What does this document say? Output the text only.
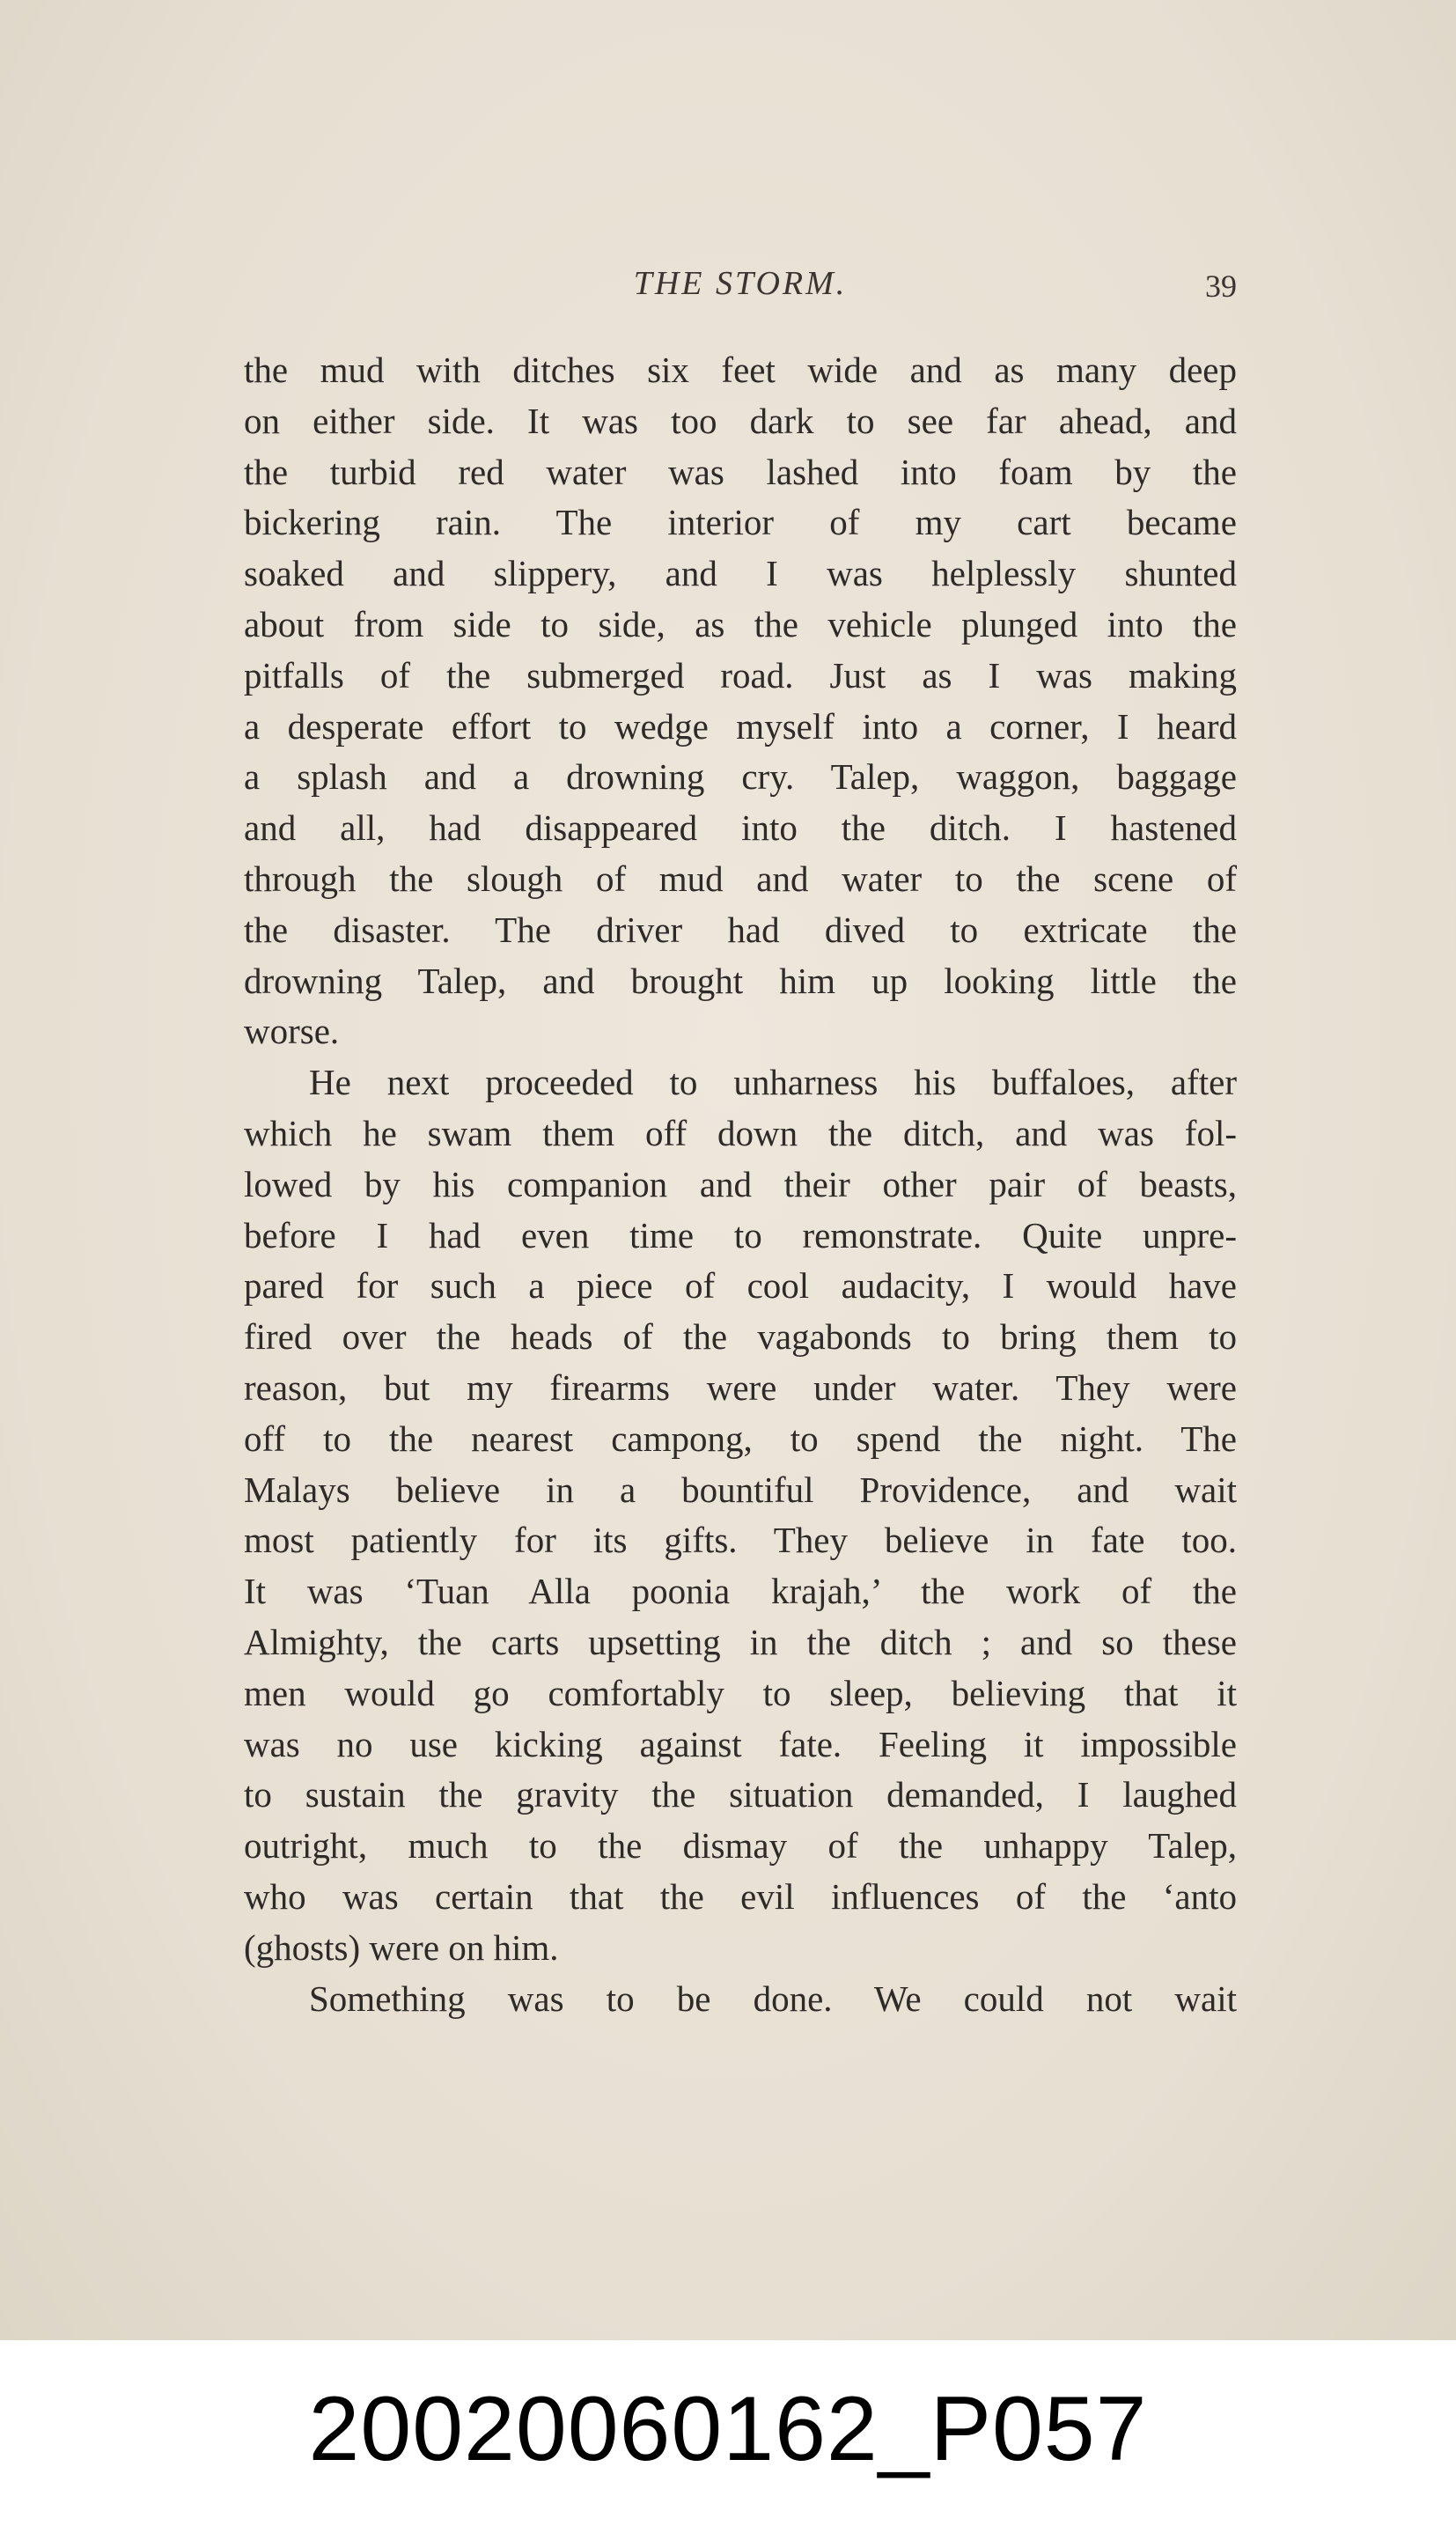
THE STORM.	39
the mud with ditches six feet wide and as many deep
on either side. It was too dark to see far ahead, and
the turbid red water was lashed into foam by the
bickering rain. The interior of my cart became
soaked and slippery, and I was helplessly shunted
about from side to side, as the vehicle plunged into the
pitfalls of the submerged road. Just as I was making
a desperate effort to wedge myself into a corner, I heard
a splash and a drowning cry. Talep, waggon, baggage
and all, had disappeared into the ditch. I hastened
through the slough of mud and water to the scene of
the disaster. The driver had dived to extricate the
drowning Talep, and brought him up looking little the
worse.
He next proceeded to unharness his buffaloes, after
which he swam them off down the ditch, and was fol-
lowed by his companion and their other pair of beasts,
before I had even time to remonstrate. Quite unpre-
pared for such a piece of cool audacity, I would have
fired over the heads of the vagabonds to bring them to
reason, but my firearms were under water. They were
off to the nearest campong, to spend the night. The
Malays believe in a bountiful Providence, and wait
most patiently for its gifts. They believe in fate too.
It was ‘Tuan Alla poonia krajah,’ the work of the
Almighty, the carts upsetting in the ditch ; and so these
men would go comfortably to sleep, believing that it
was no use kicking against fate. Feeling it impossible
to sustain the gravity the situation demanded, I laughed
outright, much to the dismay of the unhappy Talep,
who was certain that the evil influences of the ‘anto
(ghosts) were on him.
Something was to be done. We could not wait
20020060162_P057
